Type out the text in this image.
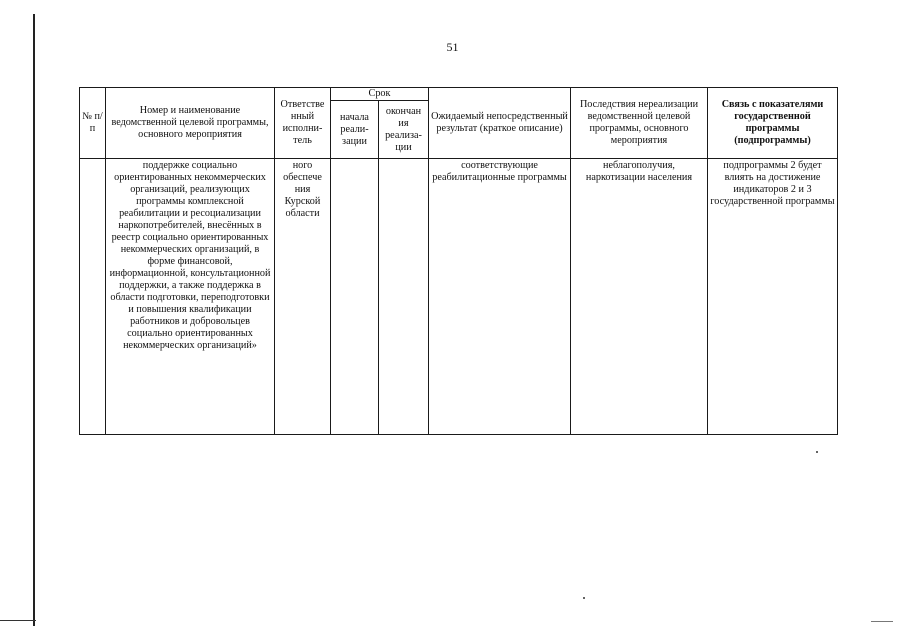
51
№ п/п	Номер и наименование ведомственной целевой программы, основного мероприятия	Ответстве нный исполни- тель	Срок		Ожидаемый непосредственный результат (краткое описание)	Последствия нереализации ведомственной целевой программы, основного мероприятия	Связь с показателями государственной программы (подпрограммы)
			начала реали- зации	окончан ия реализа- ции			
	поддержке социально ориентированных некоммерческих организаций, реализующих программы комплексной реабилитации и ресоциализации наркопотребителей, внесённых в реестр социально ориентированных некоммерческих организаций, в форме финансовой, информационной, консультационной поддержки, а также поддержка в области подготовки, переподготовки и повышения квалификации работников и добровольцев социально ориентированных некоммерческих организаций»	ного обеспече ния Курской области			соответствующие реабилитационные программы	неблагополучия, наркотизации населения	подпрограммы 2 будет влиять на достижение индикаторов 2 и 3 государственной программы
